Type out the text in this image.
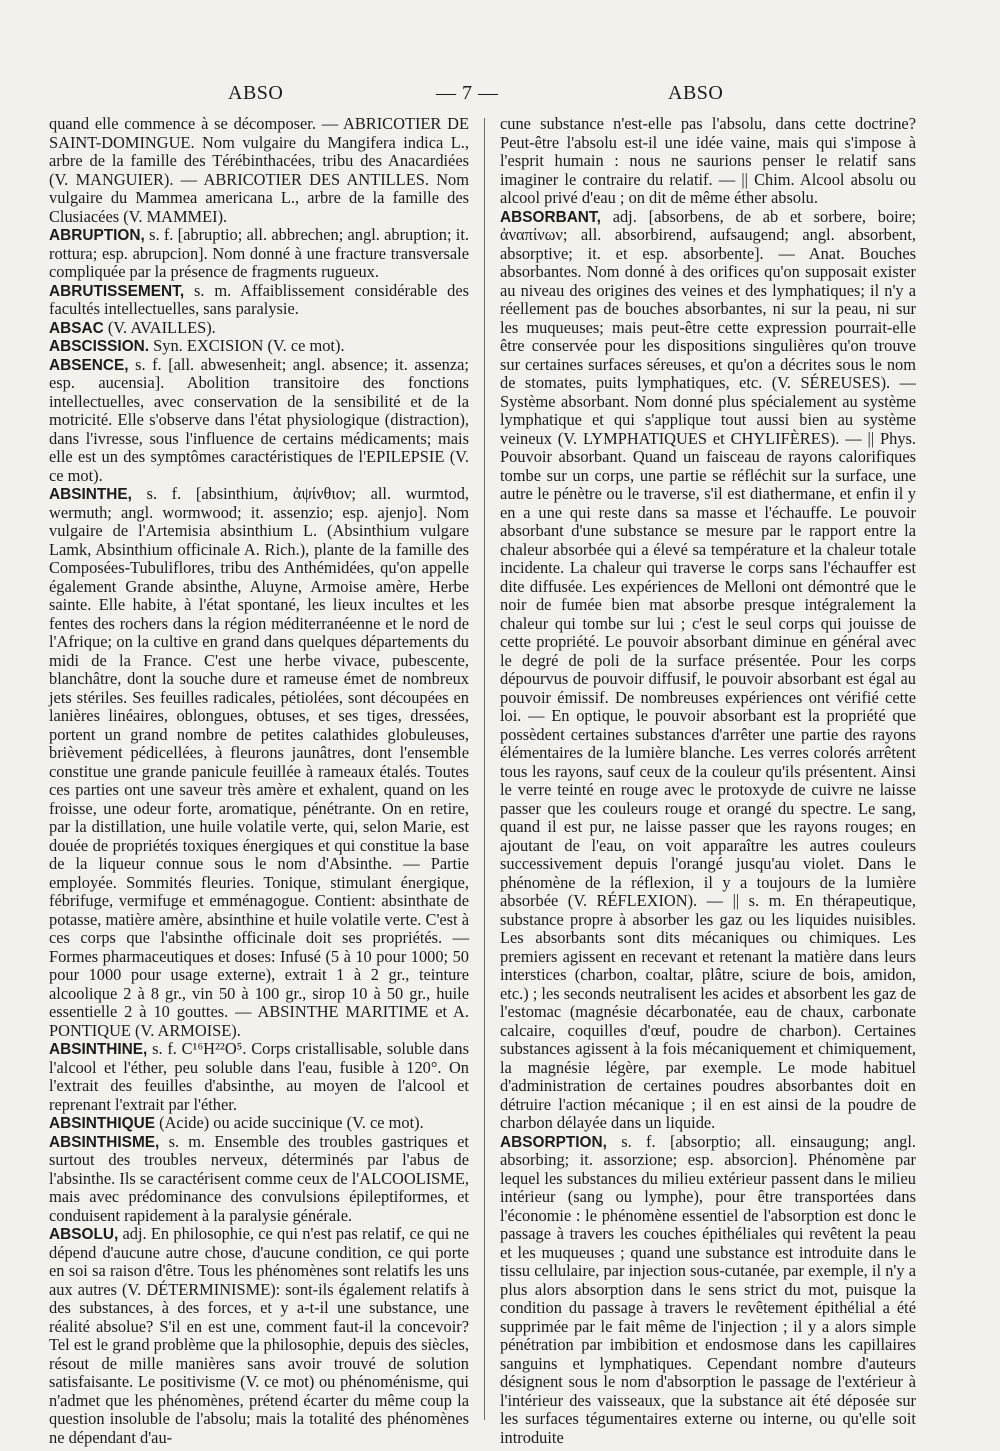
ABSO	— 7 —	ABSO

quand elle commence à se décomposer. — ABRICOTIER DE SAINT-DOMINGUE. Nom vulgaire du Mangifera indica L., arbre de la famille des Térébinthacées, tribu des Anacardiées (V. MANGUIER). — ABRICOTIER DES ANTILLES. Nom vulgaire du Mammea americana L., arbre de la famille des Clusiacées (V. MAMMEI).

ABRUPTION, s. f. [abruptio; all. abbrechen; angl. abruption; it. rottura; esp. abrupcion]. Nom donné à une fracture transversale compliquée par la présence de fragments rugueux.

ABRUTISSEMENT, s. m. Affaiblissement considérable des facultés intellectuelles, sans paralysie.

ABSAC (V. AVAILLES).

ABSCISSION. Syn. EXCISION (V. ce mot).

ABSENCE, s. f. [all. abwesenheit; angl. absence; it. assenza; esp. aucensia]. Abolition transitoire des fonctions intellectuelles, avec conservation de la sensibilité et de la motricité. Elle s'observe dans l'état physiologique (distraction), dans l'ivresse, sous l'influence de certains médicaments; mais elle est un des symptômes caractéristiques de l'EPILEPSIE (V. ce mot).

ABSINTHE, s. f. [absinthium, ἀψίνθιον; all. wurmtod, wermuth; angl. wormwood; it. assenzio; esp. ajenjo]. Nom vulgaire de l'Artemisia absinthium L. (Absinthium vulgare Lamk, Absinthium officinale A. Rich.), plante de la famille des Composées-Tubuliflores, tribu des Anthémidées, qu'on appelle également Grande absinthe, Aluyne, Armoise amère, Herbe sainte. Elle habite, à l'état spontané, les lieux incultes et les fentes des rochers dans la région méditerranéenne et le nord de l'Afrique; on la cultive en grand dans quelques départements du midi de la France. C'est une herbe vivace, pubescente, blanchâtre, dont la souche dure et rameuse émet de nombreux jets stériles. Ses feuilles radicales, pétiolées, sont découpées en lanières linéaires, oblongues, obtuses, et ses tiges, dressées, portent un grand nombre de petites calathides globuleuses, brièvement pédicellées, à fleurons jaunâtres, dont l'ensemble constitue une grande panicule feuillée à rameaux étalés. Toutes ces parties ont une saveur très amère et exhalent, quand on les froisse, une odeur forte, aromatique, pénétrante. On en retire, par la distillation, une huile volatile verte, qui, selon Marie, est douée de propriétés toxiques énergiques et qui constitue la base de la liqueur connue sous le nom d'Absinthe. — Partie employée. Sommités fleuries. Tonique, stimulant énergique, fébrifuge, vermifuge et emménagogue. Contient: absinthate de potasse, matière amère, absinthine et huile volatile verte. C'est à ces corps que l'absinthe officinale doit ses propriétés. — Formes pharmaceutiques et doses: Infusé (5 à 10 pour 1000; 50 pour 1000 pour usage externe), extrait 1 à 2 gr., teinture alcoolique 2 à 8 gr., vin 50 à 100 gr., sirop 10 à 50 gr., huile essentielle 2 à 10 gouttes. — ABSINTHE MARITIME et A. PONTIQUE (V. ARMOISE).

ABSINTHINE, s. f. C¹⁶H²²O⁵. Corps cristallisable, soluble dans l'alcool et l'éther, peu soluble dans l'eau, fusible à 120°. On l'extrait des feuilles d'absinthe, au moyen de l'alcool et reprenant l'extrait par l'éther.

ABSINTHIQUE (Acide) ou acide succinique (V. ce mot).

ABSINTHISME, s. m. Ensemble des troubles gastriques et surtout des troubles nerveux, déterminés par l'abus de l'absinthe. Ils se caractérisent comme ceux de l'ALCOOLISME, mais avec prédominance des convulsions épileptiformes, et conduisent rapidement à la paralysie générale.

ABSOLU, adj. En philosophie, ce qui n'est pas relatif, ce qui ne dépend d'aucune autre chose, d'aucune condition, ce qui porte en soi sa raison d'être. Tous les phénomènes sont relatifs les uns aux autres (V. DÉTERMINISME): sont-ils également relatifs à des substances, à des forces, et y a-t-il une substance, une réalité absolue? S'il en est une, comment faut-il la concevoir? Tel est le grand problème que la philosophie, depuis des siècles, résout de mille manières sans avoir trouvé de solution satisfaisante. Le positivisme (V. ce mot) ou phénoménisme, qui n'admet que les phénomènes, prétend écarter du même coup la question insoluble de l'absolu; mais la totalité des phénomènes ne dépendant d'au-

cune substance n'est-elle pas l'absolu, dans cette doctrine? Peut-être l'absolu est-il une idée vaine, mais qui s'impose à l'esprit humain : nous ne saurions penser le relatif sans imaginer le contraire du relatif. — || Chim. Alcool absolu ou alcool privé d'eau ; on dit de même éther absolu.

ABSORBANT, adj. [absorbens, de ab et sorbere, boire; ἀναπίνων; all. absorbirend, aufsaugend; angl. absorbent, absorptive; it. et esp. absorbente]. — Anat. Bouches absorbantes. Nom donné à des orifices qu'on supposait exister au niveau des origines des veines et des lymphatiques; il n'y a réellement pas de bouches absorbantes, ni sur la peau, ni sur les muqueuses; mais peut-être cette expression pourrait-elle être conservée pour les dispositions singulières qu'on trouve sur certaines surfaces séreuses, et qu'on a décrites sous le nom de stomates, puits lymphatiques, etc. (V. SÉREUSES). — Système absorbant. Nom donné plus spécialement au système lymphatique et qui s'applique tout aussi bien au système veineux (V. LYMPHATIQUES et CHYLIFÈRES). — || Phys. Pouvoir absorbant. Quand un faisceau de rayons calorifiques tombe sur un corps, une partie se réfléchit sur la surface, une autre le pénètre ou le traverse, s'il est diathermane, et enfin il y en a une qui reste dans sa masse et l'échauffe. Le pouvoir absorbant d'une substance se mesure par le rapport entre la chaleur absorbée qui a élevé sa température et la chaleur totale incidente. La chaleur qui traverse le corps sans l'échauffer est dite diffusée. Les expériences de Melloni ont démontré que le noir de fumée bien mat absorbe presque intégralement la chaleur qui tombe sur lui ; c'est le seul corps qui jouisse de cette propriété. Le pouvoir absorbant diminue en général avec le degré de poli de la surface présentée. Pour les corps dépourvus de pouvoir diffusif, le pouvoir absorbant est égal au pouvoir émissif. De nombreuses expériences ont vérifié cette loi. — En optique, le pouvoir absorbant est la propriété que possèdent certaines substances d'arrêter une partie des rayons élémentaires de la lumière blanche. Les verres colorés arrêtent tous les rayons, sauf ceux de la couleur qu'ils présentent. Ainsi le verre teinté en rouge avec le protoxyde de cuivre ne laisse passer que les couleurs rouge et orangé du spectre. Le sang, quand il est pur, ne laisse passer que les rayons rouges; en ajoutant de l'eau, on voit apparaître les autres couleurs successivement depuis l'orangé jusqu'au violet. Dans le phénomène de la réflexion, il y a toujours de la lumière absorbée (V. RÉFLEXION). — || s. m. En thérapeutique, substance propre à absorber les gaz ou les liquides nuisibles. Les absorbants sont dits mécaniques ou chimiques. Les premiers agissent en recevant et retenant la matière dans leurs interstices (charbon, coaltar, plâtre, sciure de bois, amidon, etc.) ; les seconds neutralisent les acides et absorbent les gaz de l'estomac (magnésie décarbonatée, eau de chaux, carbonate calcaire, coquilles d'œuf, poudre de charbon). Certaines substances agissent à la fois mécaniquement et chimiquement, la magnésie légère, par exemple. Le mode habituel d'administration de certaines poudres absorbantes doit en détruire l'action mécanique ; il en est ainsi de la poudre de charbon délayée dans un liquide.

ABSORPTION, s. f. [absorptio; all. einsaugung; angl. absorbing; it. assorzione; esp. absorcion]. Phénomène par lequel les substances du milieu extérieur passent dans le milieu intérieur (sang ou lymphe), pour être transportées dans l'économie : le phénomène essentiel de l'absorption est donc le passage à travers les couches épithéliales qui revêtent la peau et les muqueuses ; quand une substance est introduite dans le tissu cellulaire, par injection sous-cutanée, par exemple, il n'y a plus alors absorption dans le sens strict du mot, puisque la condition du passage à travers le revêtement épithélial a été supprimée par le fait même de l'injection ; il y a alors simple pénétration par imbibition et endosmose dans les capillaires sanguins et lymphatiques. Cependant nombre d'auteurs désignent sous le nom d'absorption le passage de l'extérieur à l'intérieur des vaisseaux, que la substance ait été déposée sur les surfaces tégumentaires externe ou interne, ou qu'elle soit introduite
